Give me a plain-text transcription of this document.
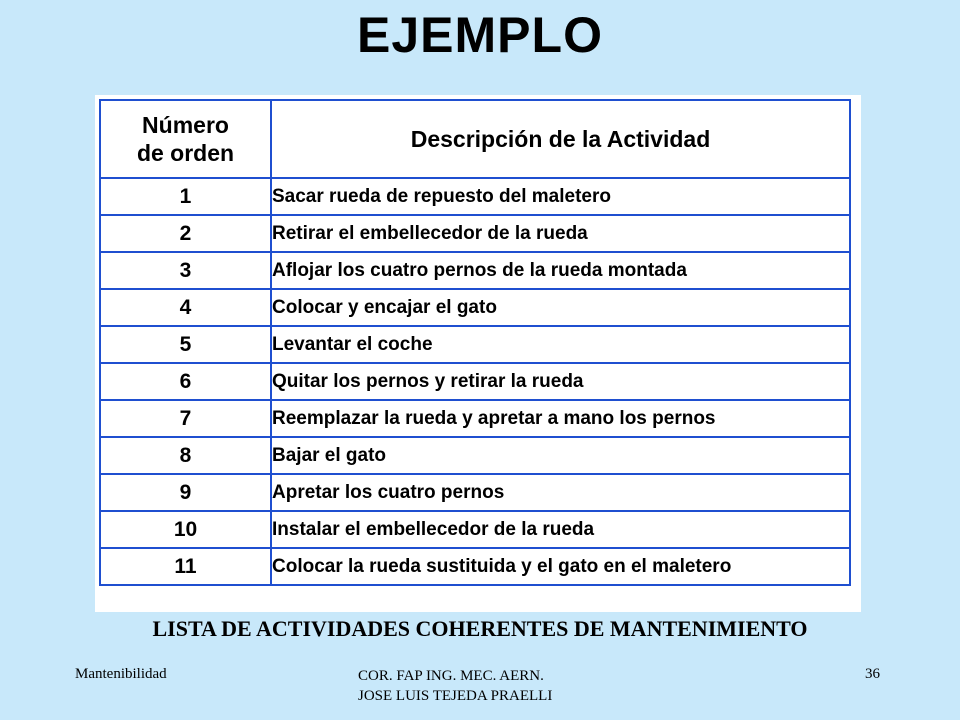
EJEMPLO
Número
de orden	Descripción de la Actividad
1	Sacar rueda de repuesto del maletero
2	Retirar el embellecedor de la rueda
3	Aflojar los cuatro pernos de la rueda montada
4	Colocar y encajar el gato
5	Levantar el coche
6	Quitar los pernos y retirar la rueda
7	Reemplazar la rueda y apretar a mano los pernos
8	Bajar el gato
9	Apretar los cuatro pernos
10	Instalar el embellecedor de la rueda
11	Colocar la rueda sustituida y el gato en el maletero
LISTA DE ACTIVIDADES COHERENTES DE MANTENIMIENTO
Mantenibilidad	COR. FAP ING. MEC. AERN.
JOSE LUIS TEJEDA PRAELLI
36
